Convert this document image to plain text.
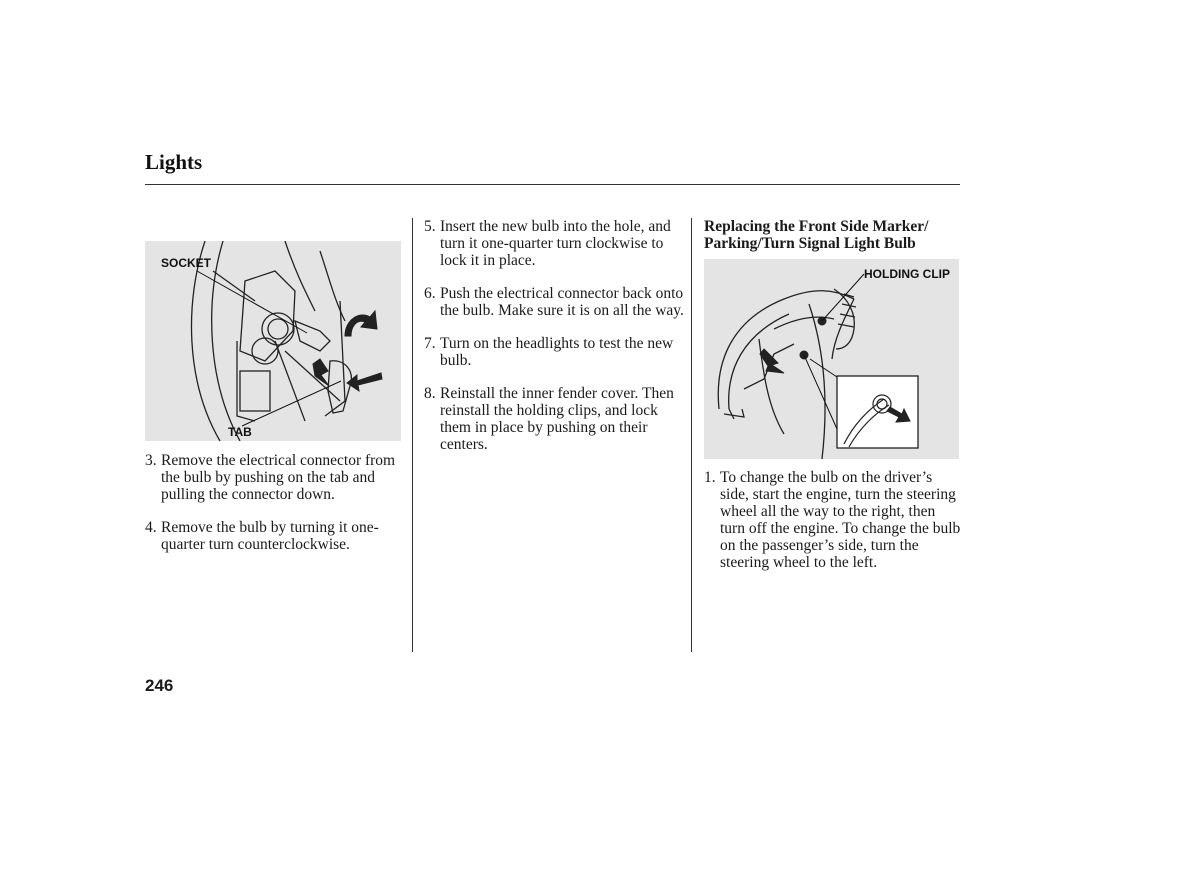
Lights
SOCKET
TAB
3. Remove the electrical connector from the bulb by pushing on the tab and pulling the connector down.
4. Remove the bulb by turning it one-quarter turn counterclockwise.
5. Insert the new bulb into the hole, and turn it one-quarter turn clockwise to lock it in place.
6. Push the electrical connector back onto the bulb. Make sure it is on all the way.
7. Turn on the headlights to test the new bulb.
8. Reinstall the inner fender cover. Then reinstall the holding clips, and lock them in place by pushing on their centers.
Replacing the Front Side Marker/ Parking/Turn Signal Light Bulb
HOLDING CLIP
1. To change the bulb on the driver’s side, start the engine, turn the steering wheel all the way to the right, then turn off the engine. To change the bulb on the passenger’s side, turn the steering wheel to the left.
246
